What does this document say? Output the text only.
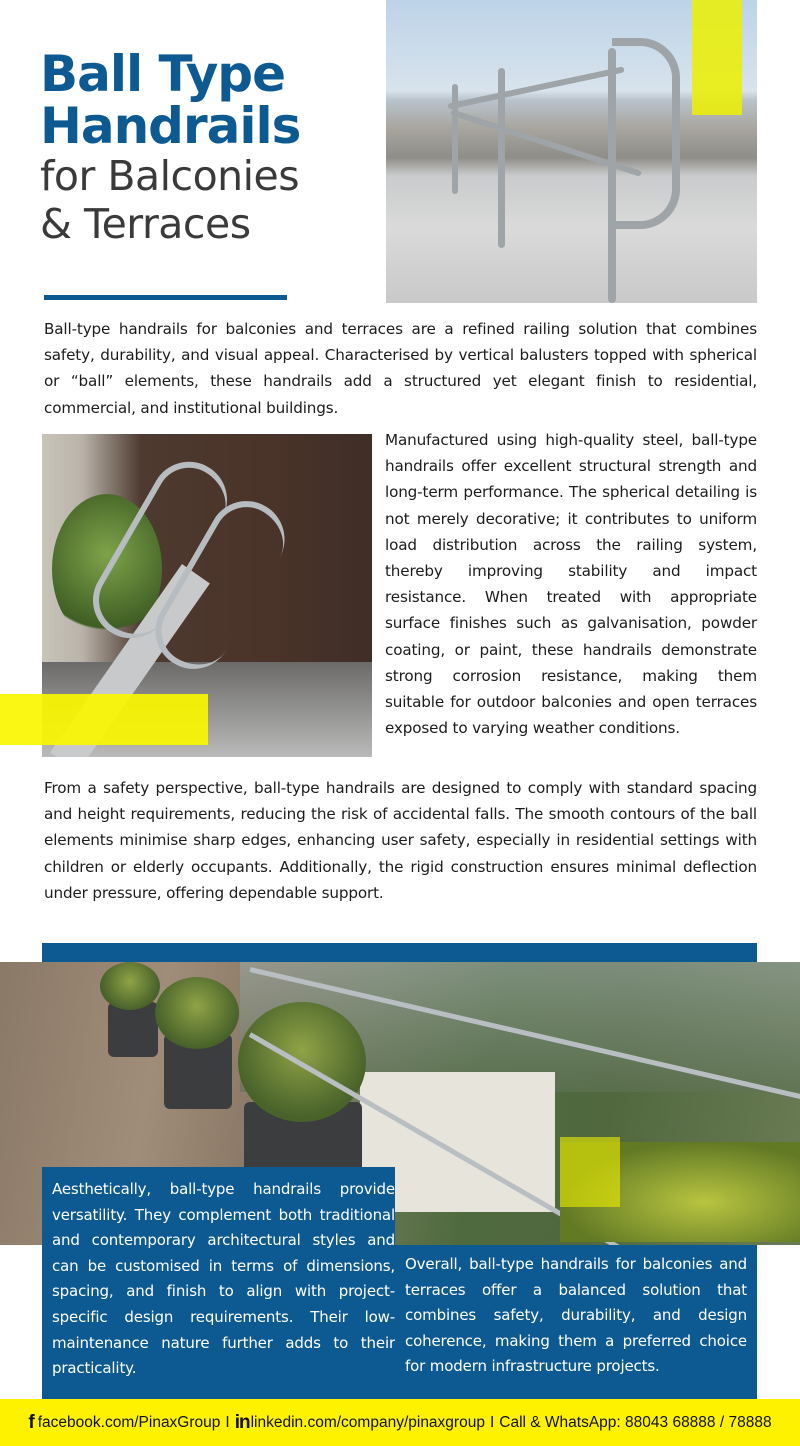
Ball Type
Handrails
for Balconies
& Terraces

Ball-type handrails for balconies and terraces are a refined railing solution that combines safety, durability, and visual appeal. Characterised by vertical balusters topped with spherical or “ball” elements, these handrails add a structured yet elegant finish to residential, commercial, and institutional buildings.

Manufactured using high-quality steel, ball-type handrails offer excellent structural strength and long-term performance. The spherical detailing is not merely decorative; it contributes to uniform load distribution across the railing system, thereby improving stability and impact resistance. When treated with appropriate surface finishes such as galvanisation, powder coating, or paint, these handrails demonstrate strong corrosion resistance, making them suitable for outdoor balconies and open terraces exposed to varying weather conditions.

From a safety perspective, ball-type handrails are designed to comply with standard spacing and height requirements, reducing the risk of accidental falls. The smooth contours of the ball elements minimise sharp edges, enhancing user safety, especially in residential settings with children or elderly occupants. Additionally, the rigid construction ensures minimal deflection under pressure, offering dependable support.

Aesthetically, ball-type handrails provide versatility. They complement both traditional and contemporary architectural styles and can be customised in terms of dimensions, spacing, and finish to align with project-specific design requirements. Their low-maintenance nature further adds to their practicality.

Overall, ball-type handrails for balconies and terraces offer a balanced solution that combines safety, durability, and design coherence, making them a preferred choice for modern infrastructure projects.

f facebook.com/PinaxGroup I in linkedin.com/company/pinaxgroup I Call & WhatsApp: 88043 68888 / 78888
